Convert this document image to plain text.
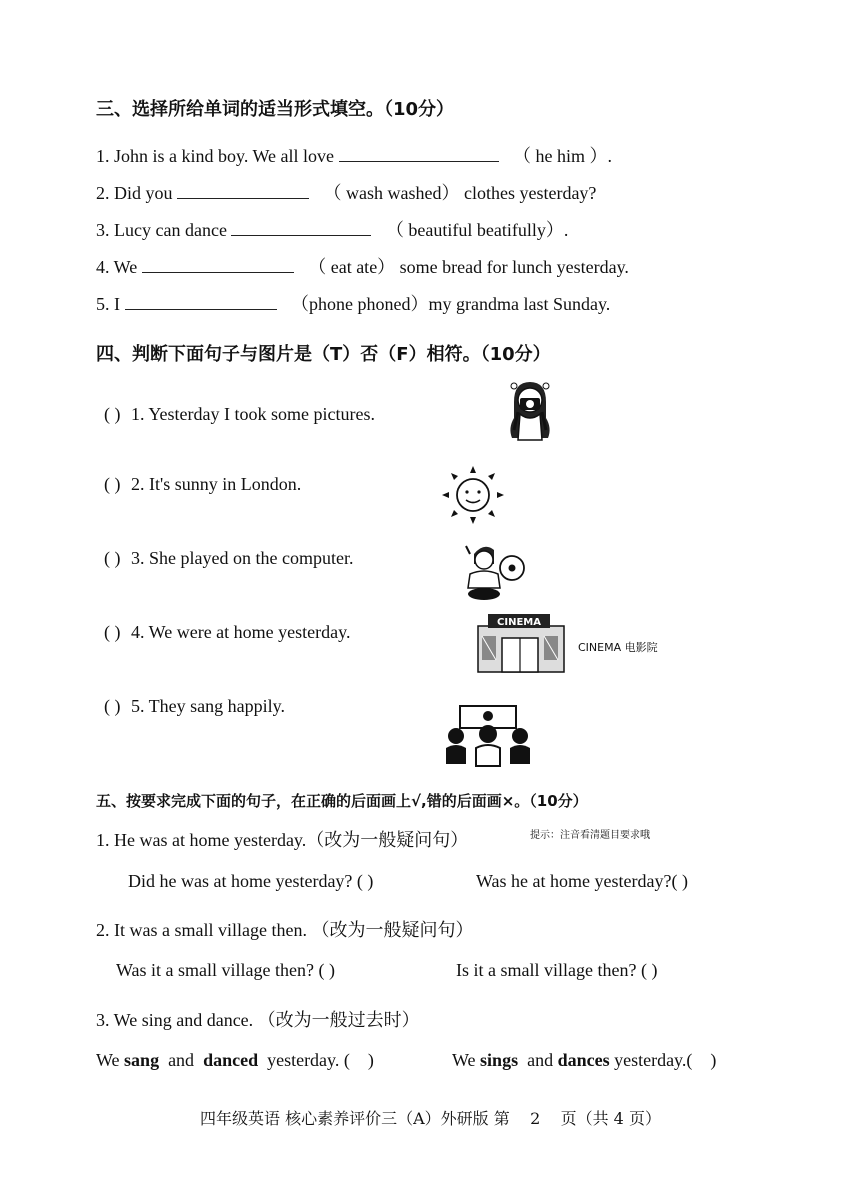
三、选择所给单词的适当形式填空。（10分）
1. John is a kind boy. We all love	（ he him ）.
2. Did you	（ wash washed） clothes yesterday?
3. Lucy can dance	（ beautiful beatifully）.
4. We	（ eat ate） some bread for lunch yesterday.
5. I	（phone phoned）my grandma last Sunday.
四、判断下面句子与图片是（T）否（F）相符。（10分）
( ) 1. Yesterday I took some pictures.
( ) 2. It's sunny in London.
( ) 3. She played on the computer.
( ) 4. We were at home yesterday.
( ) 5. They sang happily.
CINEMA
CINEMA 电影院
五、按要求完成下面的句子，在正确的后面画上√,错的后面画×。（10分）
1. He was at home yesterday.（改为一般疑问句）	提示：注音看清题目要求哦
Did he was at home yesterday? ( )	Was he at home yesterday?( )
2. It was a small village then. （改为一般疑问句）
Was it a small village then? ( )	Is it a small village then? ( )
3. We sing and dance. （改为一般过去时）
We sang  and  danced  yesterday. (    )	We sings  and dances yesterday.(    )
四年级英语 核心素养评价三（A）外研版 第    2    页（共 4 页）
